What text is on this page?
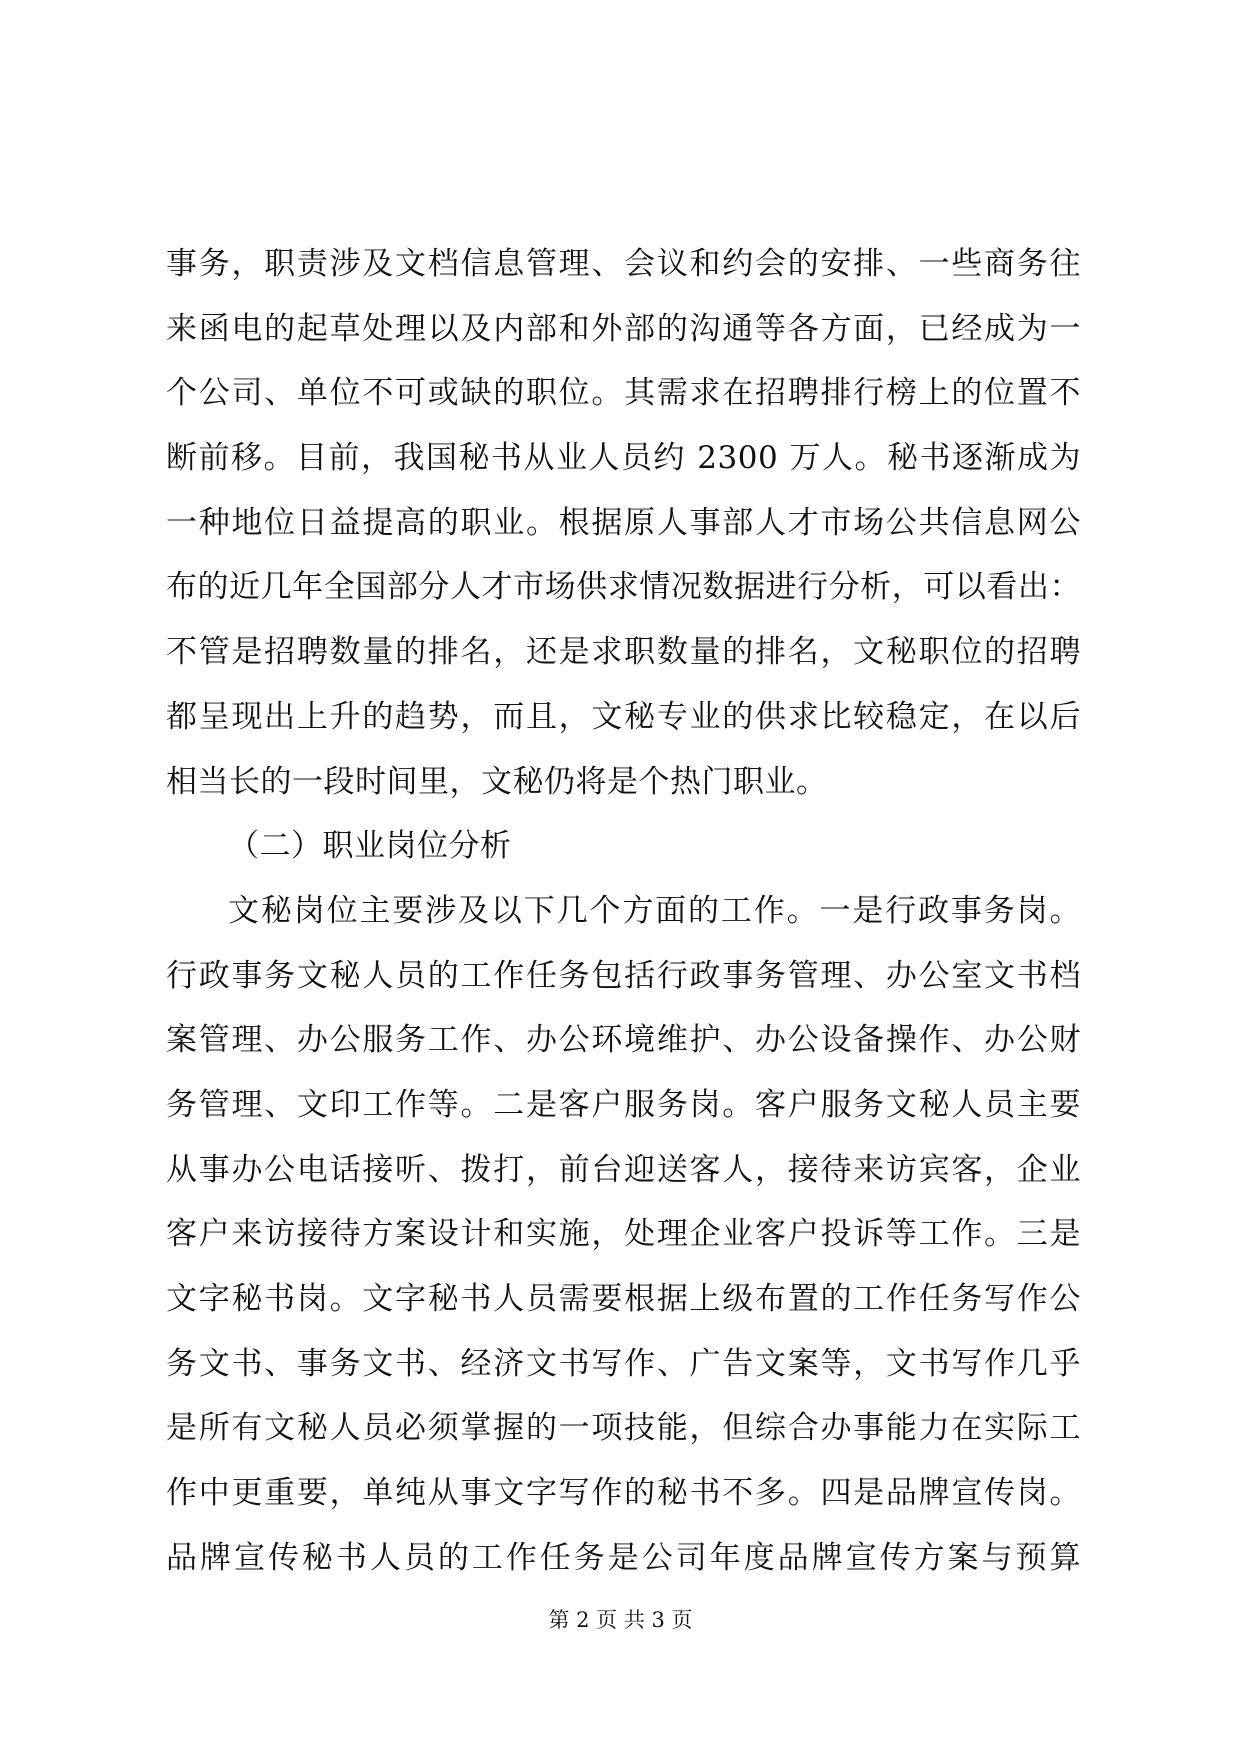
事务，职责涉及文档信息管理、会议和约会的安排、一些商务往
来函电的起草处理以及内部和外部的沟通等各方面，已经成为一
个公司、单位不可或缺的职位。其需求在招聘排行榜上的位置不
断前移。目前，我国秘书从业人员约 2300 万人。秘书逐渐成为
一种地位日益提高的职业。根据原人事部人才市场公共信息网公
布的近几年全国部分人才市场供求情况数据进行分析，可以看出：
不管是招聘数量的排名，还是求职数量的排名，文秘职位的招聘
都呈现出上升的趋势，而且，文秘专业的供求比较稳定，在以后
相当长的一段时间里，文秘仍将是个热门职业。
（二）职业岗位分析
文秘岗位主要涉及以下几个方面的工作。一是行政事务岗。
行政事务文秘人员的工作任务包括行政事务管理、办公室文书档
案管理、办公服务工作、办公环境维护、办公设备操作、办公财
务管理、文印工作等。二是客户服务岗。客户服务文秘人员主要
从事办公电话接听、拨打，前台迎送客人，接待来访宾客，企业
客户来访接待方案设计和实施，处理企业客户投诉等工作。三是
文字秘书岗。文字秘书人员需要根据上级布置的工作任务写作公
务文书、事务文书、经济文书写作、广告文案等，文书写作几乎
是所有文秘人员必须掌握的一项技能，但综合办事能力在实际工
作中更重要，单纯从事文字写作的秘书不多。四是品牌宣传岗。
品牌宣传秘书人员的工作任务是公司年度品牌宣传方案与预算
第 2 页 共 3 页
